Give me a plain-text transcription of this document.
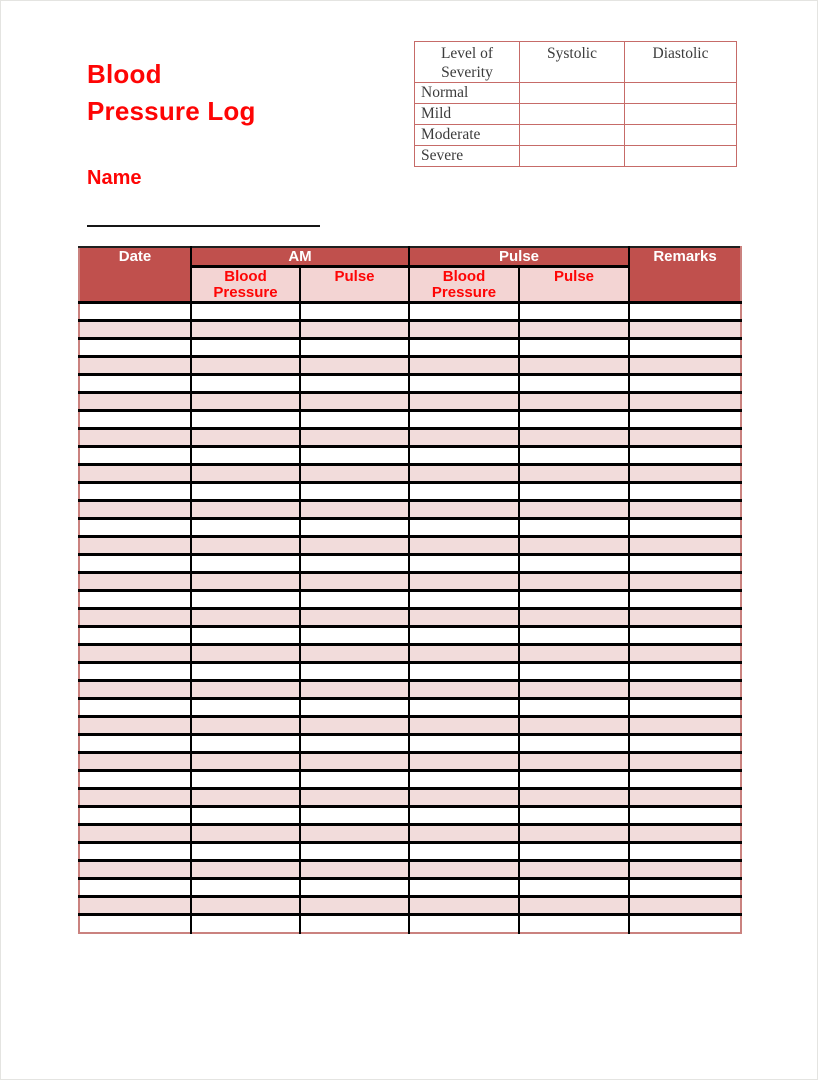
Blood
Pressure Log
Level of Severity	Systolic	Diastolic
Normal		
Mild		
Moderate		
Severe		
Name
Date	AM		Pulse		Remarks
	Blood Pressure	Pulse	Blood Pressure	Pulse	
